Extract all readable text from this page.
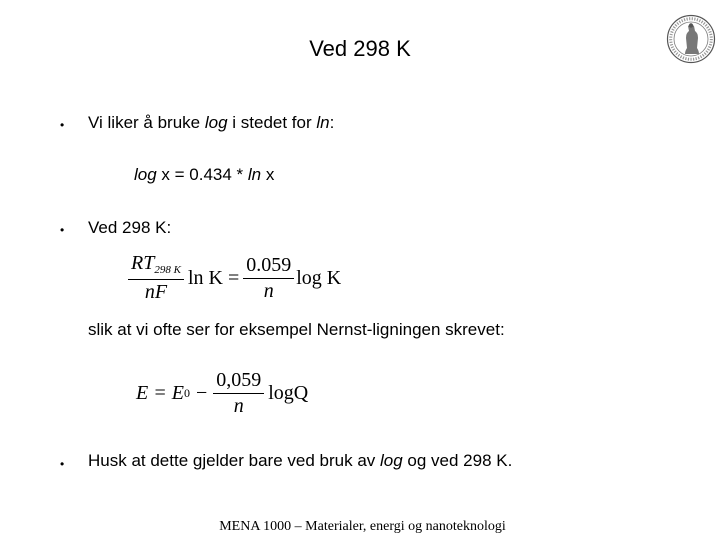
Ved 298 K
• Vi liker å bruke log i stedet for ln:
log x = 0.434 * ln x
• Ved 298 K:
$\frac{RT_{298 K}}{nF}$ $\ln K = \frac{0.059}{n}$ log K
slik at vi ofte ser for eksempel Nernst-ligningen skrevet:
E = E $0 - \frac{0,059}{n}$ logQ
• Husk at dette gjelder bare ved bruk av log og ved 298 K.
MENA 1000 – Materialer, energi og nanoteknologi
